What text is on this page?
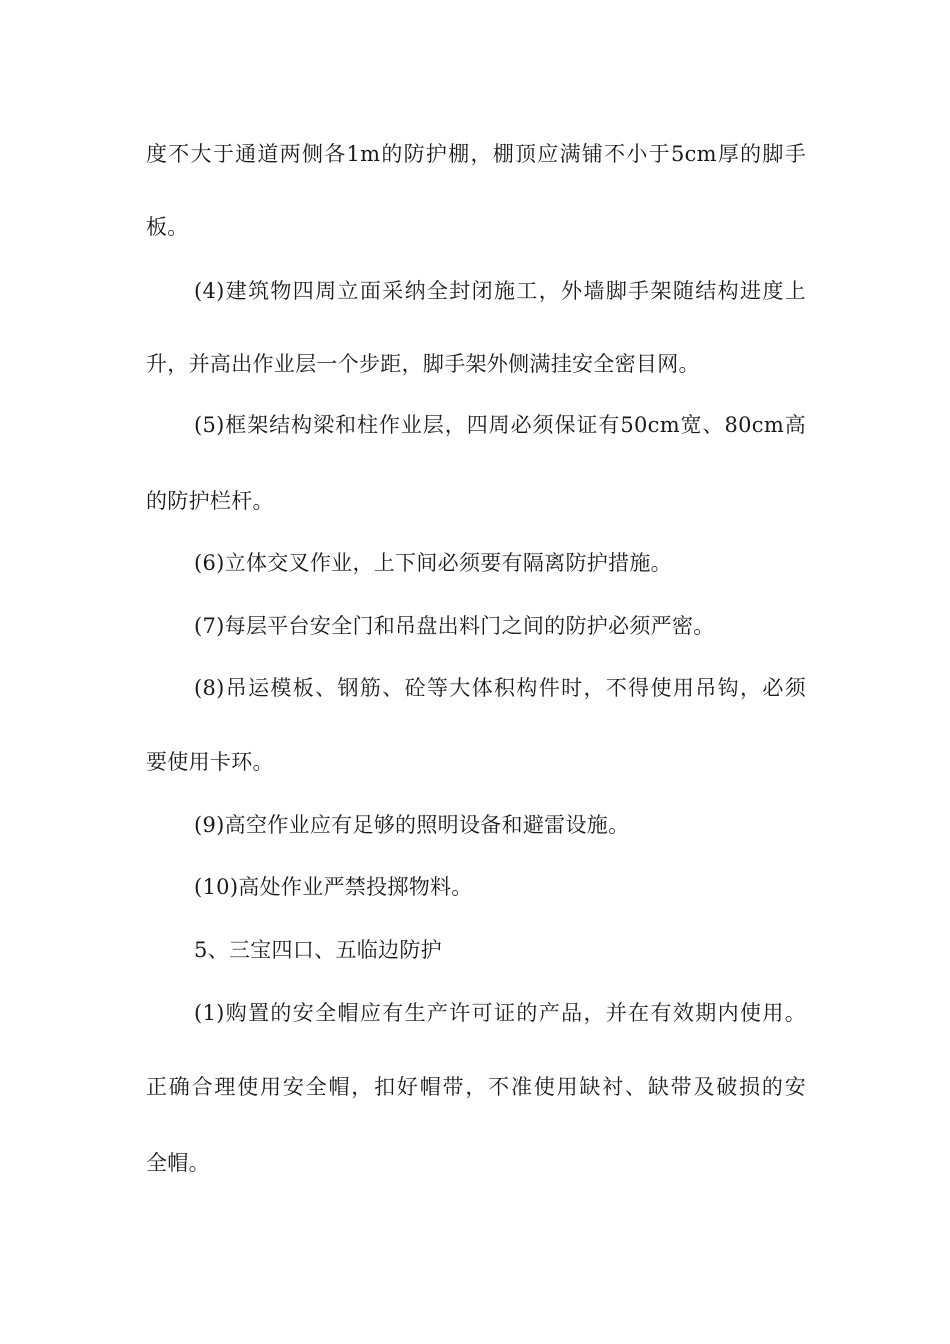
度不大于通道两侧各1m的防护棚，棚顶应满铺不小于5cm厚的脚手
板。
(4)建筑物四周立面采纳全封闭施工，外墙脚手架随结构进度上
升，并高出作业层一个步距，脚手架外侧满挂安全密目网。
(5)框架结构梁和柱作业层，四周必须保证有50cm宽、80cm高
的防护栏杆。
(6)立体交叉作业，上下间必须要有隔离防护措施。
(7)每层平台安全门和吊盘出料门之间的防护必须严密。
(8)吊运模板、钢筋、砼等大体积构件时，不得使用吊钩，必须
要使用卡环。
(9)高空作业应有足够的照明设备和避雷设施。
(10)高处作业严禁投掷物料。
5、三宝四口、五临边防护
(1)购置的安全帽应有生产许可证的产品，并在有效期内使用。
正确合理使用安全帽，扣好帽带，不准使用缺衬、缺带及破损的安
全帽。
